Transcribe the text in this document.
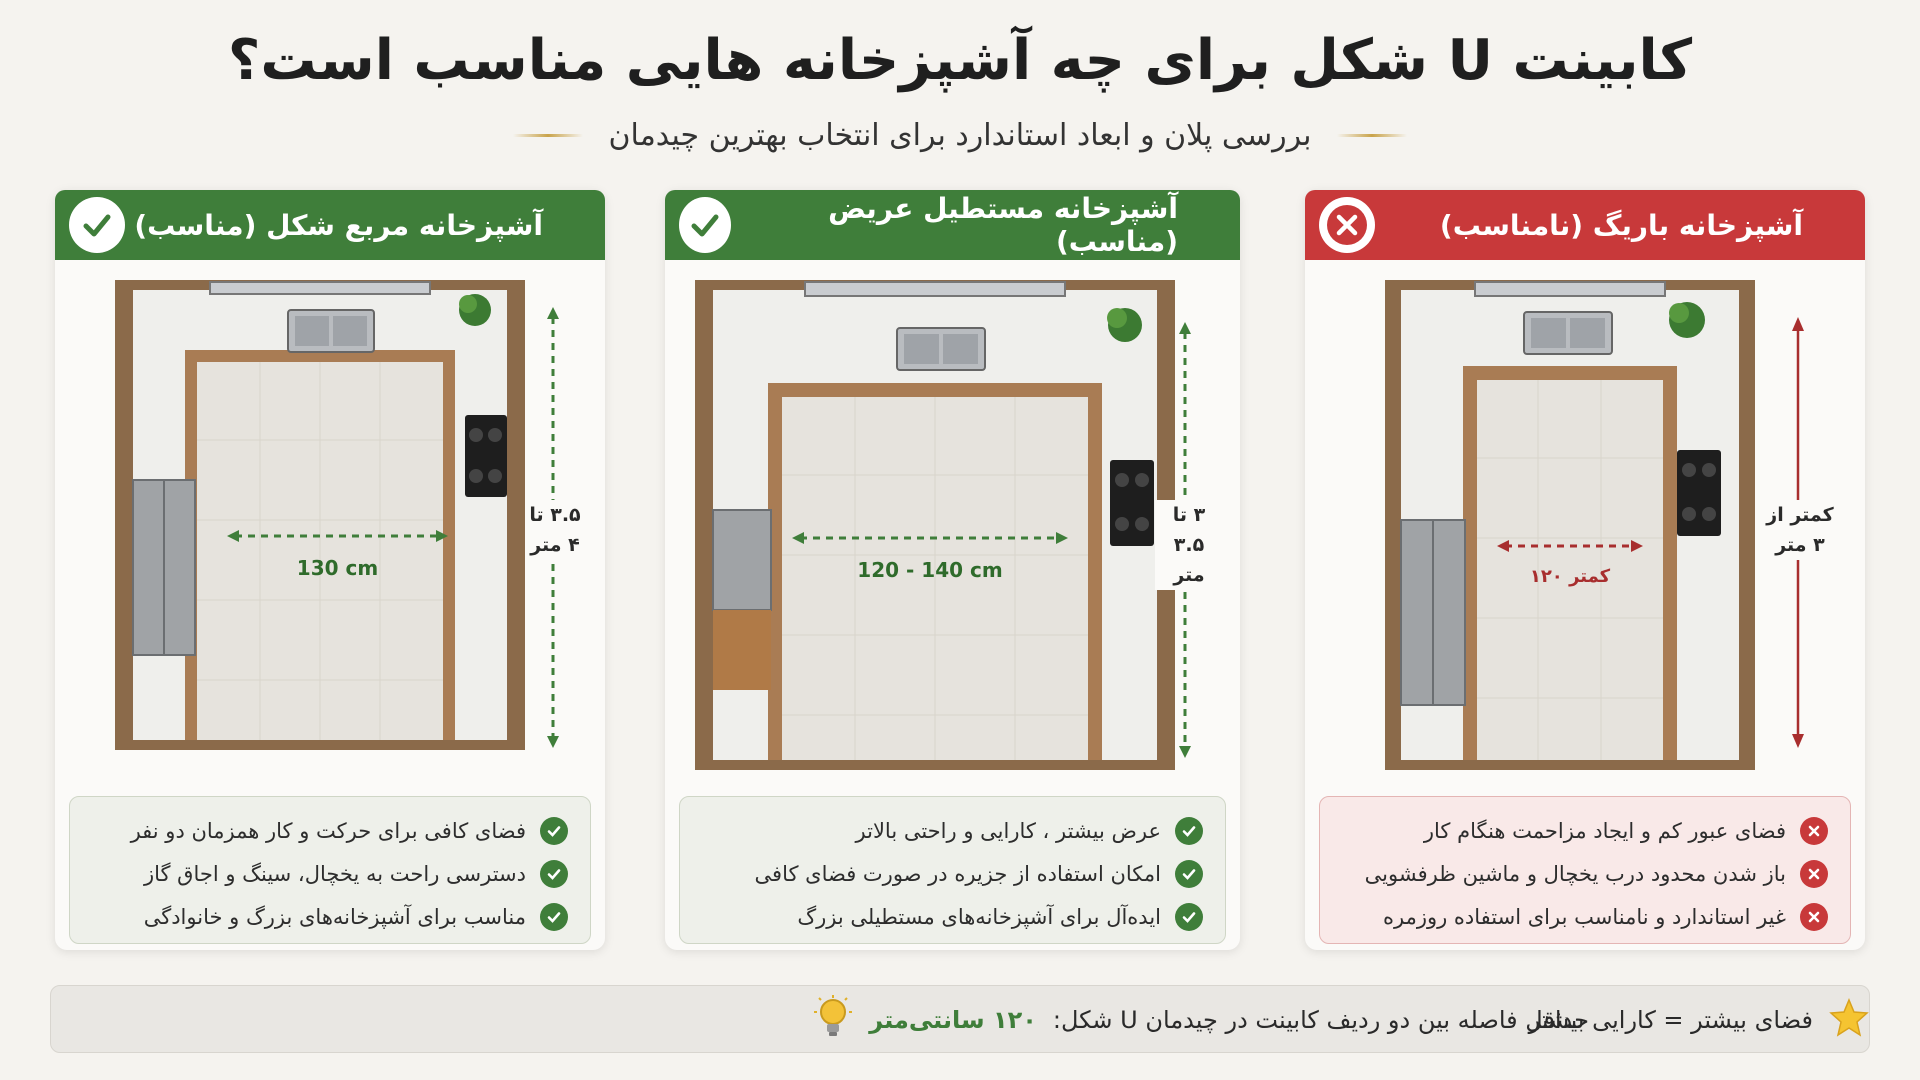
کابینت U شکل برای چه آشپزخانه هایی مناسب است؟
بررسی پلان و ابعاد استاندارد برای انتخاب بهترین چیدمان
آشپزخانه مربع شکل (مناسب)
130 cm
۳.۵ تا
۴ متر
فضای کافی برای حرکت و کار همزمان دو نفر
دسترسی راحت به یخچال، سینگ و اجاق گاز
مناسب برای آشپزخانه‌های بزرگ و خانوادگی
آشپزخانه مستطیل عریض (مناسب)
120 - 140 cm
۳ تا
۳.۵ متر
عرض بیشتر ، کارایی و راحتی بالاتر
امکان استفاده از جزیره در صورت فضای کافی
ایده‌آل برای آشپزخانه‌های مستطیلی بزرگ
آشپزخانه باریگ (نامناسب)
کمتر ۱۲۰
کمتر از
۳ متر
فضای عبور کم و ایجاد مزاحمت هنگام کار
باز شدن محدود درب یخچال و ماشین ظرفشویی
غیر استاندارد و نامناسب برای استفاده روزمره
حداقل فاصله بین دو ردیف کابینت در چیدمان U شکل:
۱۲۰ سانتی‌متر	فضای بیشتر = کارایی بیشتر
